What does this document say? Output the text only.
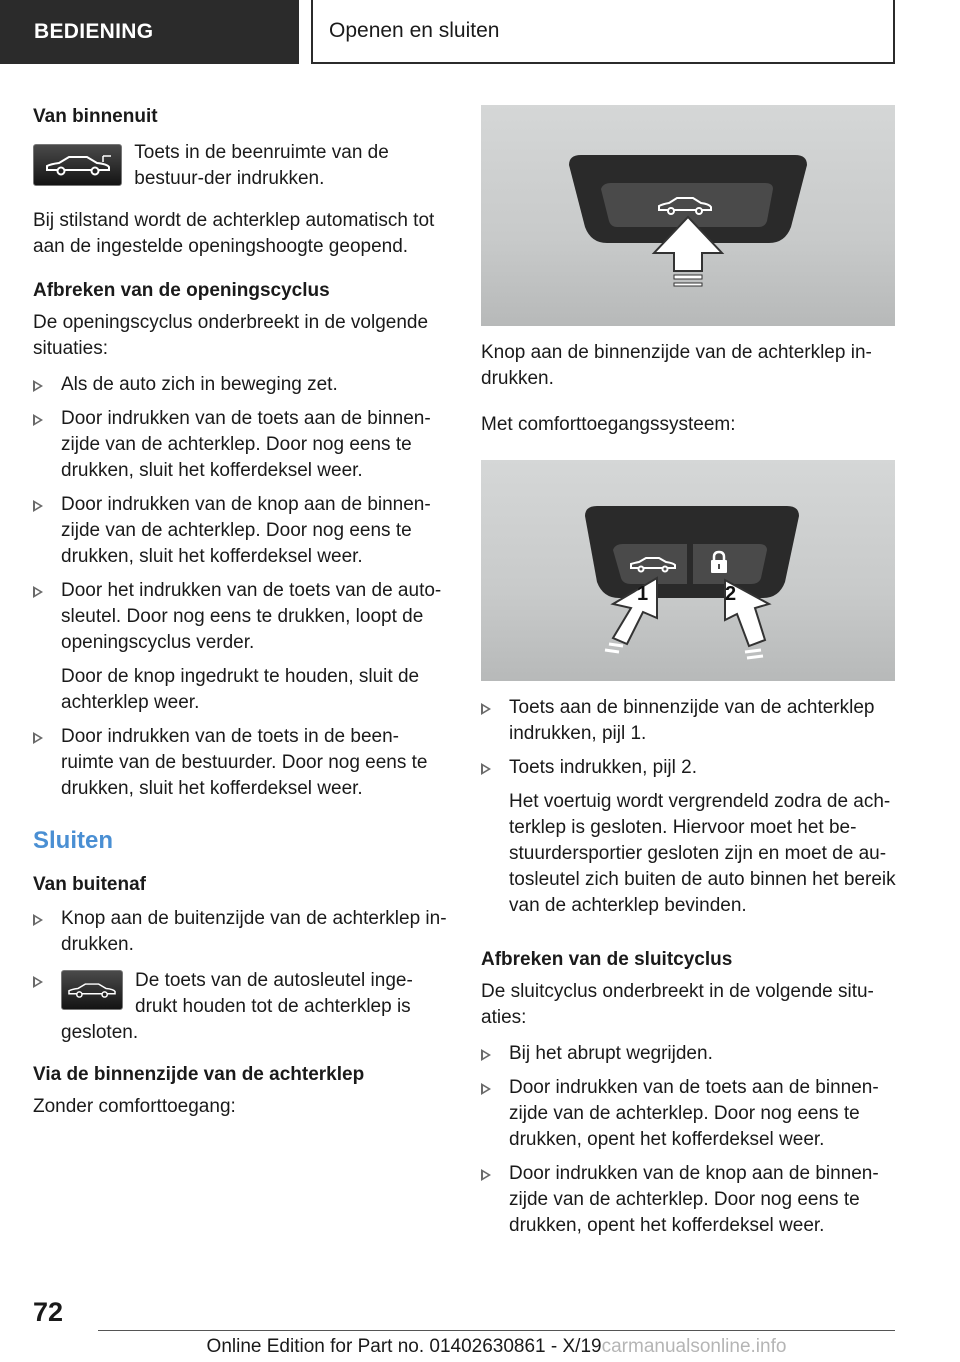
BEDIENING	Openen en sluiten

Van binnenuit

Toets in de beenruimte van de bestuur-der indrukken.

Bij stilstand wordt de achterklep automatisch tot aan de ingestelde openingshoogte geopend.

Afbreken van de openingscyclus

De openingscyclus onderbreekt in de volgende situaties:

Als de auto zich in beweging zet.
Door indrukken van de toets aan de binnen-zijde van de achterklep. Door nog eens te drukken, sluit het kofferdeksel weer.
Door indrukken van de knop aan de binnen-zijde van de achterklep. Door nog eens te drukken, sluit het kofferdeksel weer.
Door het indrukken van de toets van de auto-sleutel. Door nog eens te drukken, loopt de openingscyclus verder.
Door de knop ingedrukt te houden, sluit de achterklep weer.
Door indrukken van de toets in de been-ruimte van de bestuurder. Door nog eens te drukken, sluit het kofferdeksel weer.

Sluiten

Van buitenaf

Knop aan de buitenzijde van de achterklep in-drukken.
De toets van de autosleutel inge-drukt houden tot de achterklep is
gesloten.

Via de binnenzijde van de achterklep

Zonder comforttoegang:

Knop aan de binnenzijde van de achterklep in-drukken.

Met comforttoegangssysteem:

1	2
Toets aan de binnenzijde van de achterklep indrukken, pijl 1.
Toets indrukken, pijl 2.
Het voertuig wordt vergrendeld zodra de ach-terklep is gesloten. Hiervoor moet het be-stuurdersportier gesloten zijn en moet de au-tosleutel zich buiten de auto binnen het bereik van de achterklep bevinden.

Afbreken van de sluitcyclus

De sluitcyclus onderbreekt in de volgende situ-aties:

Bij het abrupt wegrijden.
Door indrukken van de toets aan de binnen-zijde van de achterklep. Door nog eens te drukken, opent het kofferdeksel weer.
Door indrukken van de knop aan de binnen-zijde van de achterklep. Door nog eens te drukken, opent het kofferdeksel weer.
72
Online Edition for Part no. 01402630861 - X/19carmanualsonline.info
